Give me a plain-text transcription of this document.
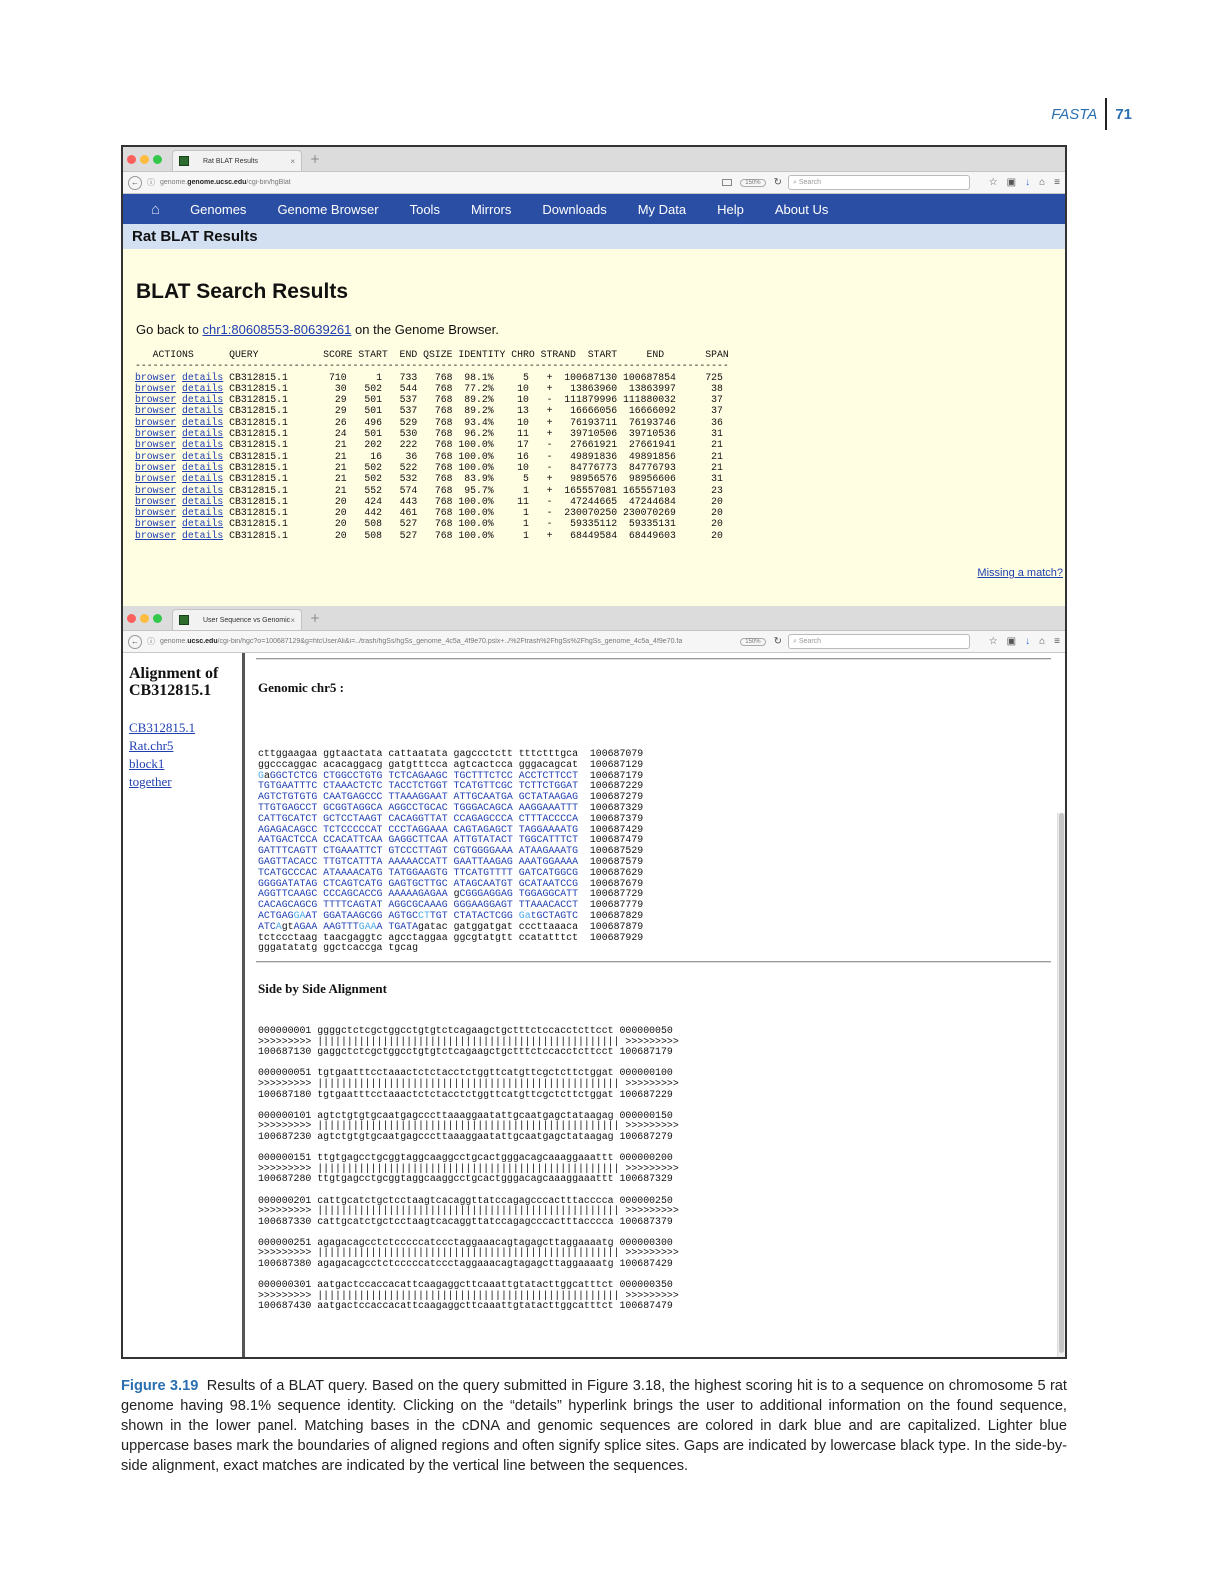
FASTA	71
Rat BLAT Results	× +
←	ⓘ genome.genome.ucsc.edu/cgi-bin/hgBlat	150%	↻ ⌕ Search	☆ ▣ ↓ ⌂ ≡
⌂ Genomes Genome Browser Tools Mirrors Downloads My Data Help About Us
Rat BLAT Results
BLAT Search Results
Go back to chr1:80608553-80639261 on the Genome Browser.
ACTIONS      QUERY           SCORE START  END QSIZE IDENTITY CHRO STRAND  START     END       SPAN
-----------------------------------------------------------------------------------------------------
browser details CB312815.1       710     1   733   768  98.1%     5   +  100687130 100687854     725
browser details CB312815.1        30   502   544   768  77.2%    10   +   13863960  13863997      38
browser details CB312815.1        29   501   537   768  89.2%    10   -  111879996 111880032      37
browser details CB312815.1        29   501   537   768  89.2%    13   +   16666056  16666092      37
browser details CB312815.1        26   496   529   768  93.4%    10   +   76193711  76193746      36
browser details CB312815.1        24   501   530   768  96.2%    11   +   39710506  39710536      31
browser details CB312815.1        21   202   222   768 100.0%    17   -   27661921  27661941      21
browser details CB312815.1        21    16    36   768 100.0%    16   -   49891836  49891856      21
browser details CB312815.1        21   502   522   768 100.0%    10   -   84776773  84776793      21
browser details CB312815.1        21   502   532   768  83.9%     5   +   98956576  98956606      31
browser details CB312815.1        21   552   574   768  95.7%     1   +  165557081 165557103      23
browser details CB312815.1        20   424   443   768 100.0%    11   -   47244665  47244684      20
browser details CB312815.1        20   442   461   768 100.0%     1   -  230070250 230070269      20
browser details CB312815.1        20   508   527   768 100.0%     1   -   59335112  59335131      20
browser details CB312815.1        20   508   527   768 100.0%     1   +   68449584  68449603      20
Missing a match?
User Sequence vs Genomic × +
←	ⓘ genome.ucsc.edu/cgi-bin/hgc?o=100687129&g=htcUserAli&i=../trash/hgSs/hgSs_genome_4c5a_4f9e70.pslx+../%2Ftrash%2FhgSs%2FhgSs_genome_4c5a_4f9e70.fa	150%	↻ ⌕ Search	☆ ▣ ↓ ⌂ ≡
Alignment of CB312815.1
CB312815.1
Rat.chr5
block1
together
Genomic chr5 :
cttggaagaa ggtaactata cattaatata gagccctctt tttctttgca  100687079
ggcccaggac acacaggacg gatgtttcca agtcactcca gggacagcat  100687129
GaGGCTCTCG CTGGCCTGTG TCTCAGAAGC TGCTTTCTCC ACCTCTTCCT  100687179
TGTGAATTTC CTAAACTCTC TACCTCTGGT TCATGTTCGC TCTTCTGGAT  100687229
AGTCTGTGTG CAATGAGCCC TTAAAGGAAT ATTGCAATGA GCTATAAGAG  100687279
TTGTGAGCCT GCGGTAGGCA AGGCCTGCAC TGGGACAGCA AAGGAAATTT  100687329
CATTGCATCT GCTCCTAAGT CACAGGTTAT CCAGAGCCCA CTTTACCCCA  100687379
AGAGACAGCC TCTCCCCCAT CCCTAGGAAA CAGTAGAGCT TAGGAAAATG  100687429
AATGACTCCA CCACATTCAA GAGGCTTCAA ATTGTATACT TGGCATTTCT  100687479
GATTTCAGTT CTGAAATTCT GTCCCTTAGT CGTGGGGAAA ATAAGAAATG  100687529
GAGTTACACC TTGTCATTTA AAAAACCATT GAATTAAGAG AAATGGAAAA  100687579
TCATGCCCAC ATAAAACATG TATGGAAGTG TTCATGTTTT GATCATGGCG  100687629
GGGGATATAG CTCAGTCATG GAGTGCTTGC ATAGCAATGT GCATAATCCG  100687679
AGGTTCAAGC CCCAGCACCG AAAAAGAGAA gCGGGAGGAG TGGAGGCATT  100687729
CACAGCAGCG TTTTCAGTAT AGGCGCAAAG GGGAAGGAGT TTAAACACCT  100687779
ACTGAGGAAT GGATAAGCGG AGTGCCTTGT CTATACTCGG GatGCTAGTC  100687829
ATCAgtAGAA AAGTTTGAAA TGATAgatac gatggatgat cccttaaaca  100687879
tctccctaag taacgaggtc agcctaggaa ggcgtatgtt ccatatttct  100687929
gggatatatg ggctcaccga tgcag
Side by Side Alignment
000000001 ggggctctcgctggcctgtgtctcagaagctgctttctccacctcttcct 000000050
>>>>>>>>> ||||||||||||||||||||||||||||||||||||||||||||||||||| >>>>>>>>>
100687130 gaggctctcgctggcctgtgtctcagaagctgctttctccacctcttcct 100687179

000000051 tgtgaatttcctaaactctctacctctggttcatgttcgctcttctggat 000000100
>>>>>>>>> ||||||||||||||||||||||||||||||||||||||||||||||||||| >>>>>>>>>
100687180 tgtgaatttcctaaactctctacctctggttcatgttcgctcttctggat 100687229

000000101 agtctgtgtgcaatgagcccttaaaggaatattgcaatgagctataagag 000000150
>>>>>>>>> ||||||||||||||||||||||||||||||||||||||||||||||||||| >>>>>>>>>
100687230 agtctgtgtgcaatgagcccttaaaggaatattgcaatgagctataagag 100687279

000000151 ttgtgagcctgcggtaggcaaggcctgcactgggacagcaaaggaaattt 000000200
>>>>>>>>> ||||||||||||||||||||||||||||||||||||||||||||||||||| >>>>>>>>>
100687280 ttgtgagcctgcggtaggcaaggcctgcactgggacagcaaaggaaattt 100687329

000000201 cattgcatctgctcctaagtcacaggttatccagagcccactttacccca 000000250
>>>>>>>>> ||||||||||||||||||||||||||||||||||||||||||||||||||| >>>>>>>>>
100687330 cattgcatctgctcctaagtcacaggttatccagagcccactttacccca 100687379

000000251 agagacagcctctcccccatccctaggaaacagtagagcttaggaaaatg 000000300
>>>>>>>>> ||||||||||||||||||||||||||||||||||||||||||||||||||| >>>>>>>>>
100687380 agagacagcctctcccccatccctaggaaacagtagagcttaggaaaatg 100687429

000000301 aatgactccaccacattcaagaggcttcaaattgtatacttggcatttct 000000350
>>>>>>>>> ||||||||||||||||||||||||||||||||||||||||||||||||||| >>>>>>>>>
100687430 aatgactccaccacattcaagaggcttcaaattgtatacttggcatttct 100687479
Figure 3.19 Results of a BLAT query. Based on the query submitted in Figure 3.18, the highest scoring hit is to a sequence on chromosome 5 rat genome having 98.1% sequence identity. Clicking on the “details” hyperlink brings the user to additional information on the found sequence, shown in the lower panel. Matching bases in the cDNA and genomic sequences are colored in dark blue and are capitalized. Lighter blue uppercase bases mark the boundaries of aligned regions and often signify splice sites. Gaps are indicated by lowercase black type. In the side-by-side alignment, exact matches are indicated by the vertical line between the sequences.
